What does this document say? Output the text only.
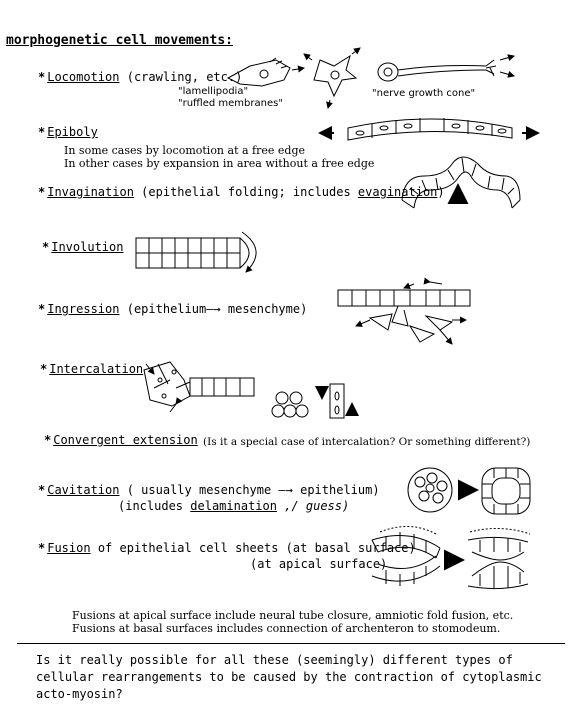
morphogenetic cell movements:
* Locomotion (crawling, etc.)
"lamellipodia"
"ruffled membranes"
"nerve growth cone"
* Epiboly
In some cases by locomotion at a free edge
In other cases by expansion in area without a free edge
* Invagination (epithelial folding; includes evagination)
* Involution
* Ingression (epithelium—→ mesenchyme)
* Intercalation
* Convergent extension (Is it a special case of intercalation? Or something different?)
* Cavitation ( usually mesenchyme —→ epithelium)
(includes delamination ,/ guess)
* Fusion of epithelial cell sheets (at basal surface)
(at apical surface)
Fusions at apical surface include neural tube closure, amniotic fold fusion, etc.
Fusions at basal surfaces includes connection of archenteron to stomodeum.
Is it really possible for all these (seemingly) different types of cellular rearrangements to be caused by the contraction of cytoplasmic acto-myosin?
